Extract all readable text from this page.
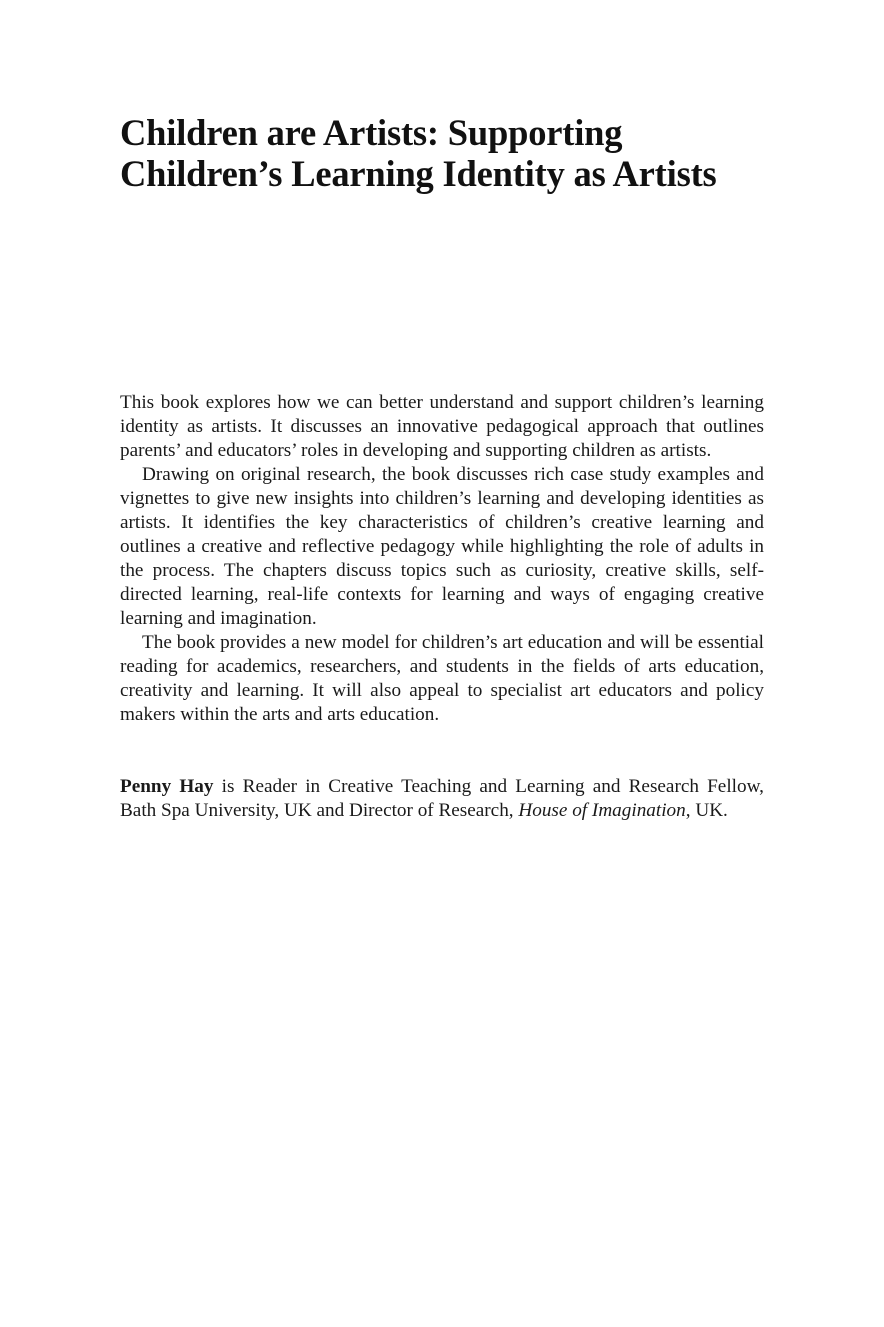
Children are Artists: Supporting
Children’s Learning Identity as Artists

This book explores how we can better understand and support children’s learning identity as artists. It discusses an innovative pedagogical approach that outlines parents’ and educators’ roles in developing and supporting children as artists.

Drawing on original research, the book discusses rich case study examples and vignettes to give new insights into children’s learning and developing identities as artists. It identifies the key characteristics of children’s creative learning and outlines a creative and reflective pedagogy while highlighting the role of adults in the process. The chapters discuss topics such as curiosity, creative skills, self-directed learning, real-life contexts for learning and ways of engaging creative learning and imagination.

The book provides a new model for children’s art education and will be essential reading for academics, researchers, and students in the fields of arts education, creativity and learning. It will also appeal to specialist art educators and policy makers within the arts and arts education.

Penny Hay is Reader in Creative Teaching and Learning and Research Fellow, Bath Spa University, UK and Director of Research, House of Imagination, UK.
